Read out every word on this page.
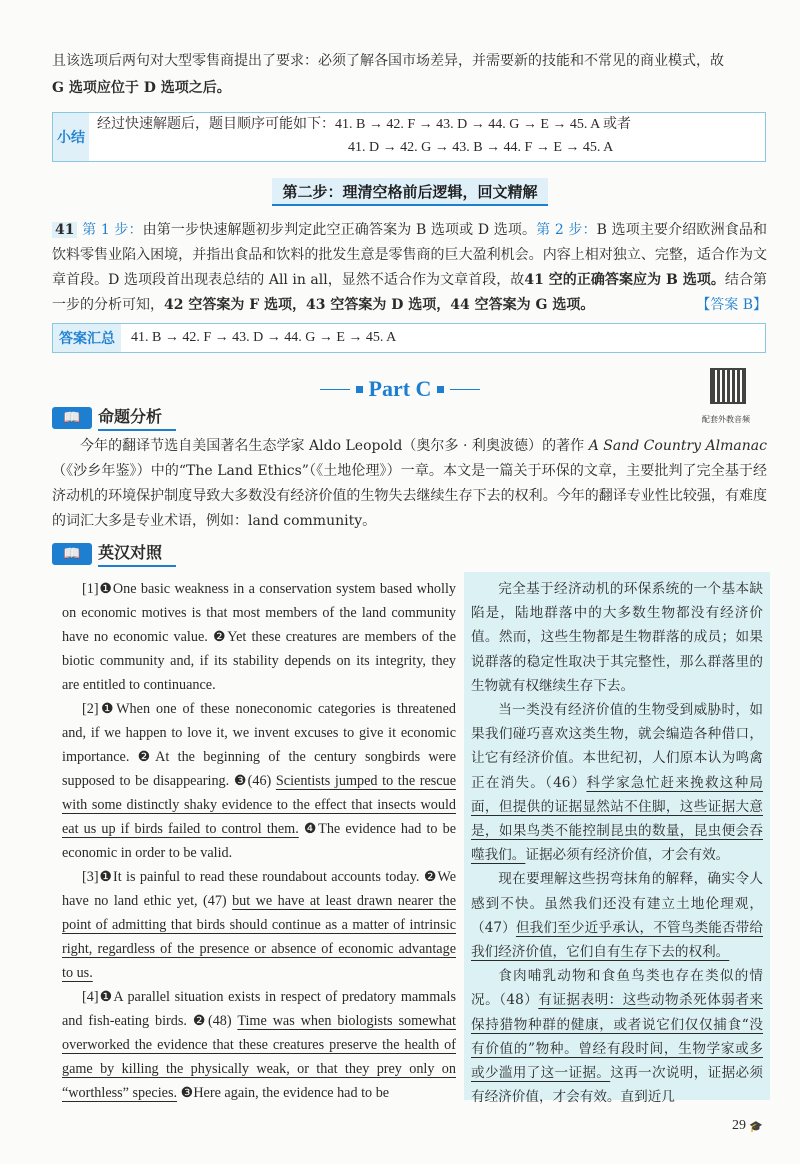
且该选项后两句对大型零售商提出了要求：必须了解各国市场差异，并需要新的技能和不常见的商业模式，故
G 选项应位于 D 选项之后。
小结
经过快速解题后，题目顺序可能如下：41. B → 42. F → 43. D → 44. G → E → 45. A 或者
41. D → 42. G → 43. B → 44. F → E → 45. A
第二步：理清空格前后逻辑，回文精解
41 第 1 步：由第一步快速解题初步判定此空正确答案为 B 选项或 D 选项。第 2 步：B 选项主要介绍欧洲食品和饮料零售业陷入困境，并指出食品和饮料的批发生意是零售商的巨大盈利机会。内容上相对独立、完整，适合作为文章首段。D 选项段首出现表总结的 All in all，显然不适合作为文章首段，故41 空的正确答案应为 B 选项。结合第一步的分析可知，42 空答案为 F 选项，43 空答案为 D 选项，44 空答案为 G 选项。	【答案 B】
答案汇总	41. B → 42. F → 43. D → 44. G → E → 45. A
Part C
配套外教音频
📖	命题分析
今年的翻译节选自美国著名生态学家 Aldo Leopold（奥尔多 · 利奥波德）的著作 A Sand Country Almanac（《沙乡年鉴》）中的“The Land Ethics”（《土地伦理》）一章。本文是一篇关于环保的文章，主要批判了完全基于经济动机的环境保护制度导致大多数没有经济价值的生物失去继续生存下去的权利。今年的翻译专业性比较强，有难度的词汇大多是专业术语，例如：land community。
📖	英汉对照

[1]❶One basic weakness in a conservation system based wholly on economic motives is that most members of the land community have no economic value. ❷Yet these creatures are members of the biotic community and, if its stability depends on its integrity, they are entitled to continuance.

[2]❶When one of these noneconomic categories is threatened and, if we happen to love it, we invent excuses to give it economic importance. ❷At the beginning of the century songbirds were supposed to be disappearing. ❸(46) Scientists jumped to the rescue with some distinctly shaky evidence to the effect that insects would eat us up if birds failed to control them. ❹The evidence had to be economic in order to be valid.

[3]❶It is painful to read these roundabout accounts today. ❷We have no land ethic yet, (47) but we have at least drawn nearer the point of admitting that birds should continue as a matter of intrinsic right, regardless of the presence or absence of economic advantage to us.

[4]❶A parallel situation exists in respect of predatory mammals and fish-eating birds. ❷(48) Time was when biologists somewhat overworked the evidence that these creatures preserve the health of game by killing the physically weak, or that they prey only on “worthless” species. ❸Here again, the evidence had to be

完全基于经济动机的环保系统的一个基本缺陷是，陆地群落中的大多数生物都没有经济价值。然而，这些生物都是生物群落的成员；如果说群落的稳定性取决于其完整性，那么群落里的生物就有权继续生存下去。

当一类没有经济价值的生物受到威胁时，如果我们碰巧喜欢这类生物，就会编造各种借口，让它有经济价值。本世纪初，人们原本认为鸣禽正在消失。（46）科学家急忙赶来挽救这种局面，但提供的证据显然站不住脚，这些证据大意是，如果鸟类不能控制昆虫的数量，昆虫便会吞噬我们。证据必须有经济价值，才会有效。

现在要理解这些拐弯抹角的解释，确实令人感到不快。虽然我们还没有建立土地伦理观，（47）但我们至少近乎承认，不管鸟类能否带给我们经济价值，它们自有生存下去的权利。

食肉哺乳动物和食鱼鸟类也存在类似的情况。（48）有证据表明：这些动物杀死体弱者来保持猎物种群的健康，或者说它们仅仅捕食“没有价值的”物种。曾经有段时间，生物学家或多或少滥用了这一证据。这再一次说明，证据必须有经济价值，才会有效。直到近几

29 🎓
